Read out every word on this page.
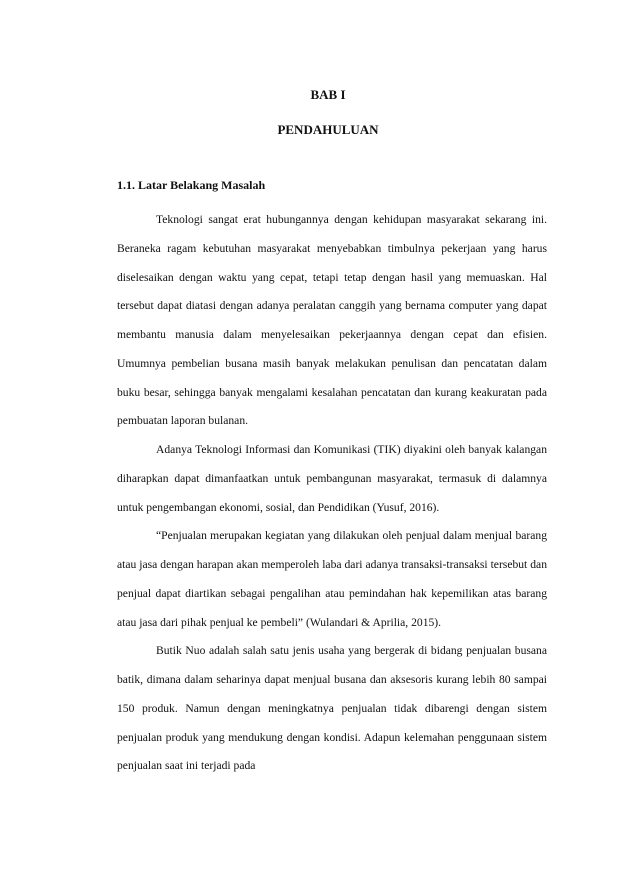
BAB I
PENDAHULUAN
1.1. Latar Belakang Masalah

Teknologi sangat erat hubungannya dengan kehidupan masyarakat sekarang ini. Beraneka ragam kebutuhan masyarakat menyebabkan timbulnya pekerjaan yang harus diselesaikan dengan waktu yang cepat, tetapi tetap dengan hasil yang memuaskan. Hal tersebut dapat diatasi dengan adanya peralatan canggih yang bernama computer yang dapat membantu manusia dalam menyelesaikan pekerjaannya dengan cepat dan efisien. Umumnya pembelian busana masih banyak melakukan penulisan dan pencatatan dalam buku besar, sehingga banyak mengalami kesalahan pencatatan dan kurang keakuratan pada pembuatan laporan bulanan.

Adanya Teknologi Informasi dan Komunikasi (TIK) diyakini oleh banyak kalangan diharapkan dapat dimanfaatkan untuk pembangunan masyarakat, termasuk di dalamnya untuk pengembangan ekonomi, sosial, dan Pendidikan (Yusuf, 2016).

“Penjualan merupakan kegiatan yang dilakukan oleh penjual dalam menjual barang atau jasa dengan harapan akan memperoleh laba dari adanya transaksi-transaksi tersebut dan penjual dapat diartikan sebagai pengalihan atau pemindahan hak kepemilikan atas barang atau jasa dari pihak penjual ke pembeli” (Wulandari & Aprilia, 2015).

Butik Nuo adalah salah satu jenis usaha yang bergerak di bidang penjualan busana batik, dimana dalam seharinya dapat menjual busana dan aksesoris kurang lebih 80 sampai 150 produk. Namun dengan meningkatnya penjualan tidak dibarengi dengan sistem penjualan produk yang mendukung dengan kondisi. Adapun kelemahan penggunaan sistem penjualan saat ini terjadi pada
